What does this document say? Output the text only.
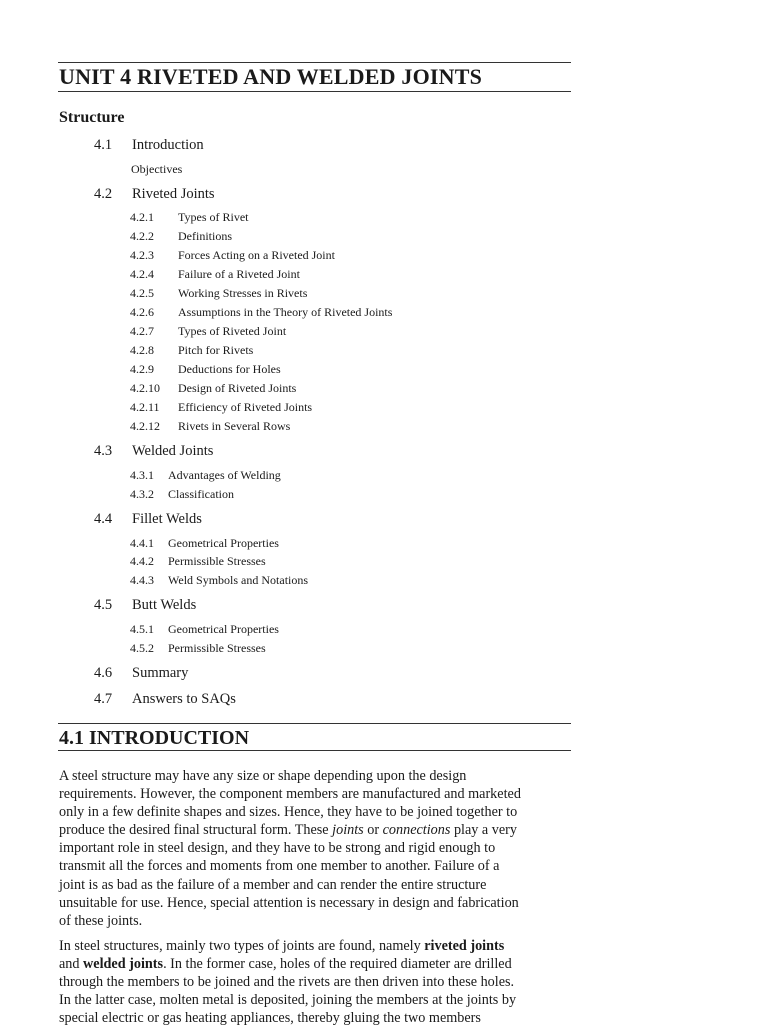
UNIT 4 RIVETED AND WELDED JOINTS
Structure
4.1 Introduction
Objectives
4.2 Riveted Joints
4.2.1 Types of Rivet
4.2.2 Definitions
4.2.3 Forces Acting on a Riveted Joint
4.2.4 Failure of a Riveted Joint
4.2.5 Working Stresses in Rivets
4.2.6 Assumptions in the Theory of Riveted Joints
4.2.7 Types of Riveted Joint
4.2.8 Pitch for Rivets
4.2.9 Deductions for Holes
4.2.10 Design of Riveted Joints
4.2.11 Efficiency of Riveted Joints
4.2.12 Rivets in Several Rows
4.3 Welded Joints
4.3.1 Advantages of Welding
4.3.2 Classification
4.4 Fillet Welds
4.4.1 Geometrical Properties
4.4.2 Permissible Stresses
4.4.3 Weld Symbols and Notations
4.5 Butt Welds
4.5.1 Geometrical Properties
4.5.2 Permissible Stresses
4.6 Summary
4.7 Answers to SAQs
4.1 INTRODUCTION
A steel structure may have any size or shape depending upon the design
requirements. However, the component members are manufactured and marketed
only in a few definite shapes and sizes. Hence, they have to be joined together to
produce the desired final structural form. These joints or connections play a very
important role in steel design, and they have to be strong and rigid enough to
transmit all the forces and moments from one member to another. Failure of a
joint is as bad as the failure of a member and can render the entire structure
unsuitable for use. Hence, special attention is necessary in design and fabrication
of these joints.
In steel structures, mainly two types of joints are found, namely riveted joints
and welded joints. In the former case, holes of the required diameter are drilled
through the members to be joined and the rivets are then driven into these holes.
In the latter case, molten metal is deposited, joining the members at the joints by
special electric or gas heating appliances, thereby gluing the two members
